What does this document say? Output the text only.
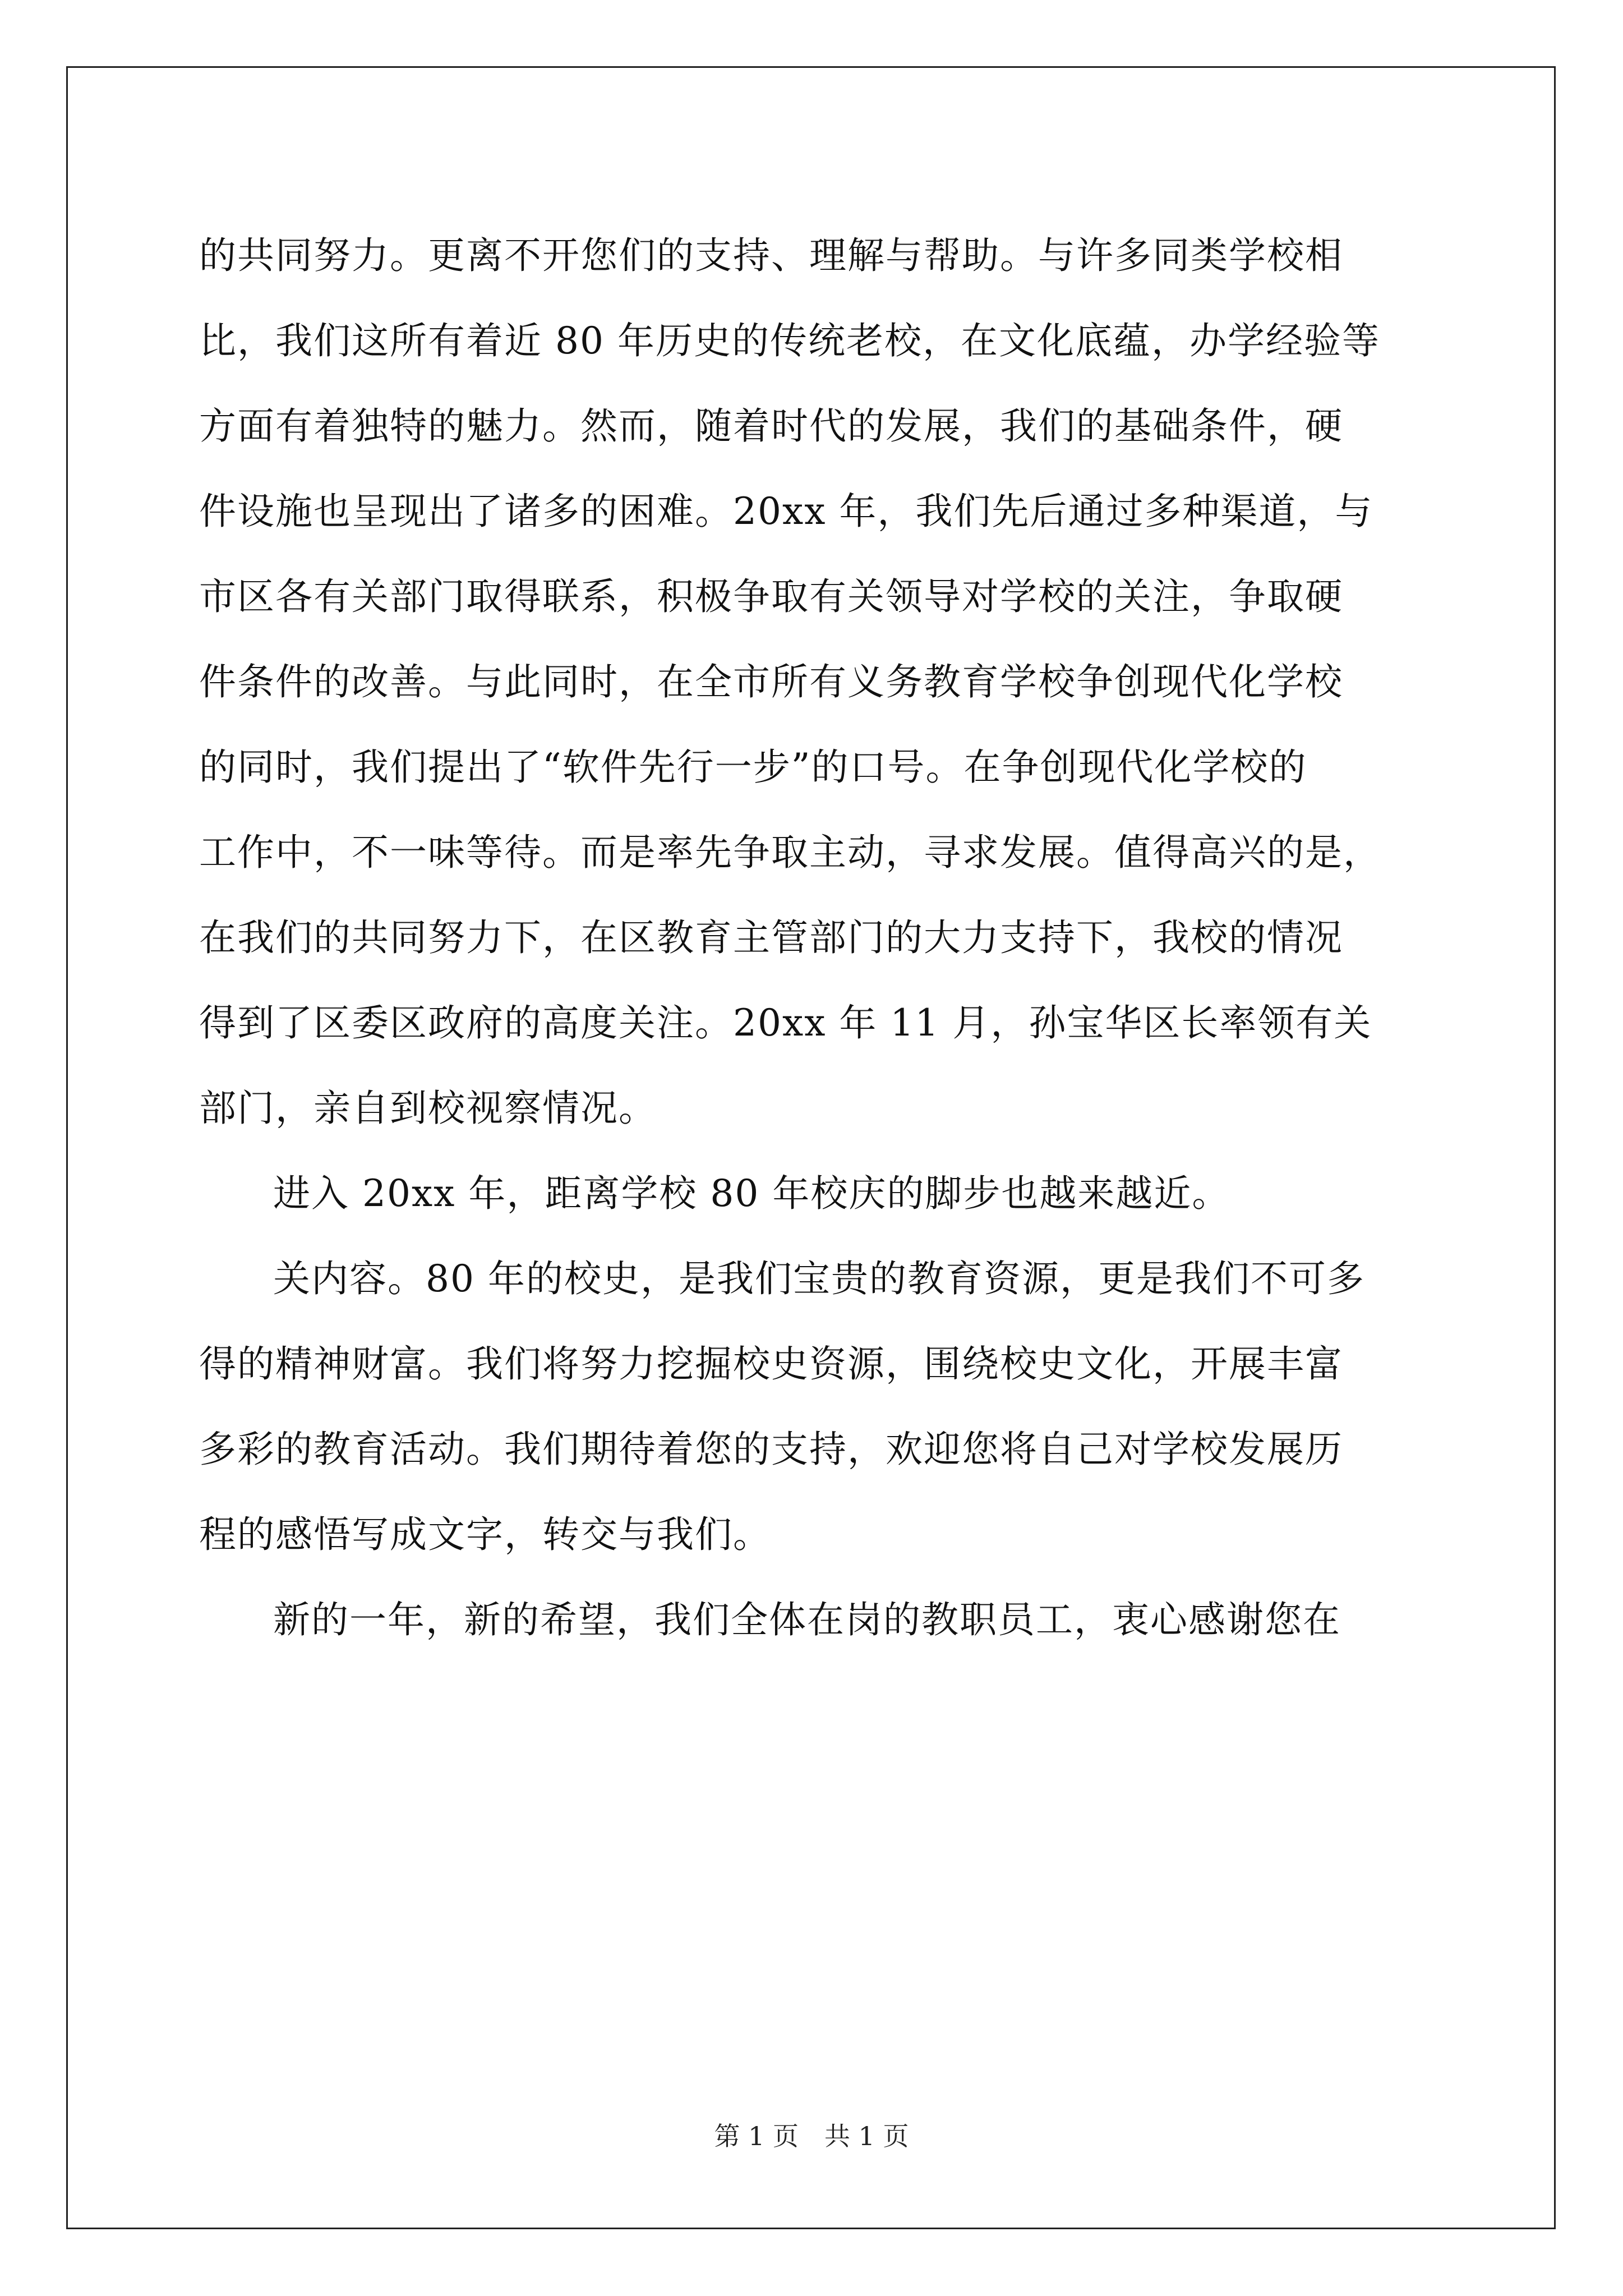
的共同努力。更离不开您们的支持、理解与帮助。与许多同类学校相
比，我们这所有着近 80 年历史的传统老校，在文化底蕴，办学经验等
方面有着独特的魅力。然而，随着时代的发展，我们的基础条件，硬
件设施也呈现出了诸多的困难。20xx 年，我们先后通过多种渠道，与
市区各有关部门取得联系，积极争取有关领导对学校的关注，争取硬
件条件的改善。与此同时，在全市所有义务教育学校争创现代化学校
的同时，我们提出了“软件先行一步”的口号。在争创现代化学校的
工作中，不一味等待。而是率先争取主动，寻求发展。值得高兴的是，
在我们的共同努力下，在区教育主管部门的大力支持下，我校的情况
得到了区委区政府的高度关注。20xx 年 11 月，孙宝华区长率领有关
部门，亲自到校视察情况。

进入 20xx 年，距离学校 80 年校庆的脚步也越来越近。

关内容。80 年的校史，是我们宝贵的教育资源，更是我们不可多
得的精神财富。我们将努力挖掘校史资源，围绕校史文化，开展丰富
多彩的教育活动。我们期待着您的支持，欢迎您将自己对学校发展历
程的感悟写成文字，转交与我们。

新的一年，新的希望，我们全体在岗的教职员工，衷心感谢您在

第 1 页　共 1 页
